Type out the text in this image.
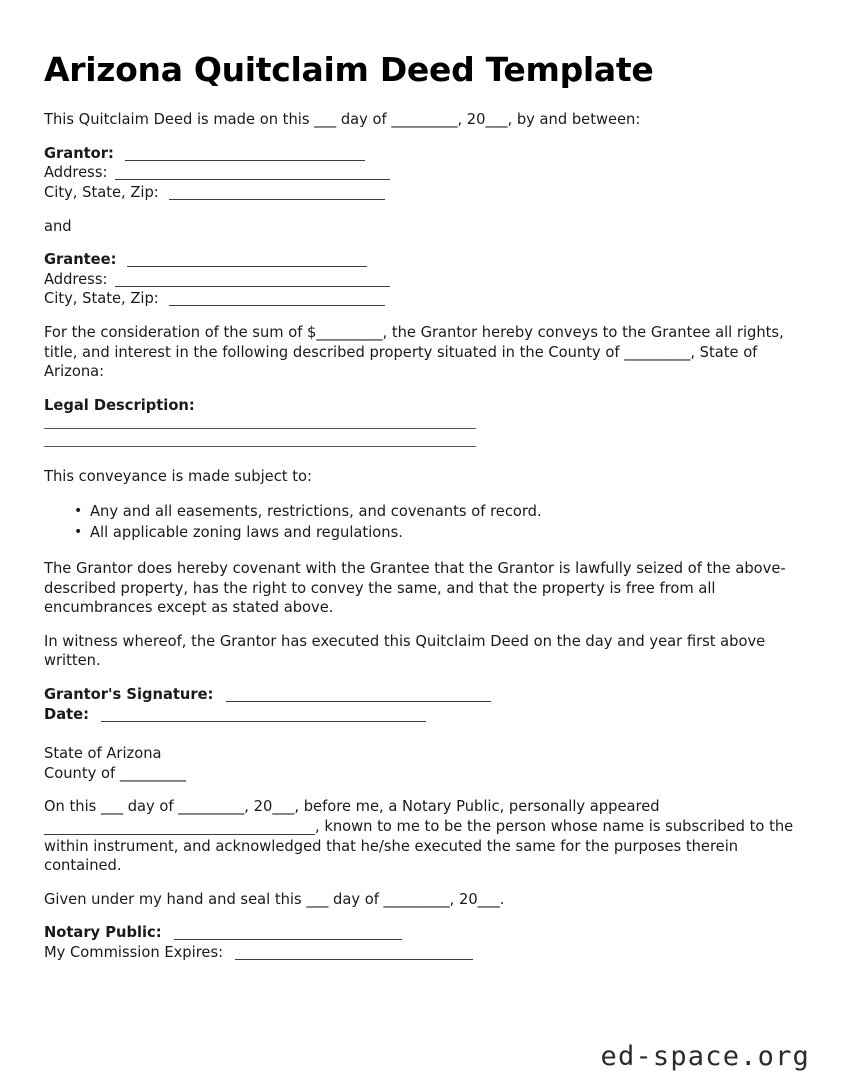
Arizona Quitclaim Deed Template

This Quitclaim Deed is made on this ___ day of _________, 20___, by and between:

Grantor:
Address:
City, State, Zip:

and

Grantee:
Address:
City, State, Zip:

For the consideration of the sum of $_________, the Grantor hereby conveys to the Grantee all rights, title, and interest in the following described property situated in the County of _________, State of Arizona:

Legal Description:

This conveyance is made subject to:

• Any and all easements, restrictions, and covenants of record.
• All applicable zoning laws and regulations.

The Grantor does hereby covenant with the Grantee that the Grantor is lawfully seized of the above-described property, has the right to convey the same, and that the property is free from all encumbrances except as stated above.

In witness whereof, the Grantor has executed this Quitclaim Deed on the day and year first above written.

Grantor's Signature:
Date:
State of Arizona
County of _________

On this ___ day of _________, 20___, before me, a Notary Public, personally appeared
, known to me to be the person whose name is subscribed to the within instrument, and acknowledged that he/she executed the same for the purposes therein contained.

Given under my hand and seal this ___ day of _________, 20___.

Notary Public:
My Commission Expires:
ed-space.org
